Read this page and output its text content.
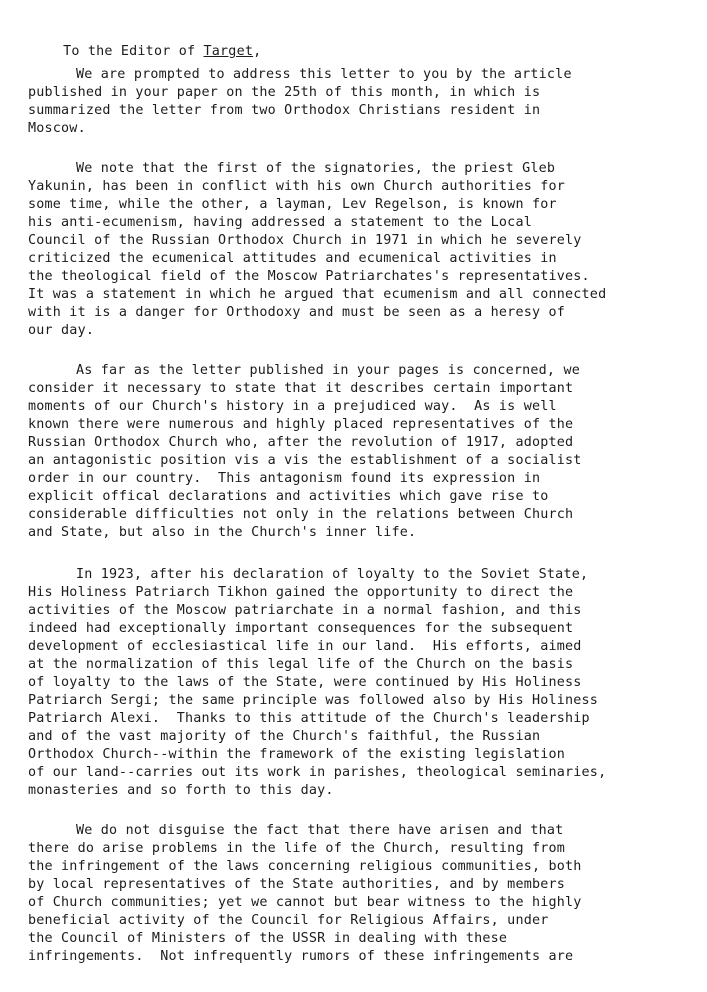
To the Editor of Target,

We are prompted to address this letter to you by the article
published in your paper on the 25th of this month, in which is
summarized the letter from two Orthodox Christians resident in
Moscow.
We note that the first of the signatories, the priest Gleb
Yakunin, has been in conflict with his own Church authorities for
some time, while the other, a layman, Lev Regelson, is known for
his anti-ecumenism, having addressed a statement to the Local
Council of the Russian Orthodox Church in 1971 in which he severely
criticized the ecumenical attitudes and ecumenical activities in
the theological field of the Moscow Patriarchates's representatives.
It was a statement in which he argued that ecumenism and all connected
with it is a danger for Orthodoxy and must be seen as a heresy of
our day.
As far as the letter published in your pages is concerned, we
consider it necessary to state that it describes certain important
moments of our Church's history in a prejudiced way.  As is well
known there were numerous and highly placed representatives of the
Russian Orthodox Church who, after the revolution of 1917, adopted
an antagonistic position vis a vis the establishment of a socialist
order in our country.  This antagonism found its expression in
explicit offical declarations and activities which gave rise to
considerable difficulties not only in the relations between Church
and State, but also in the Church's inner life.
In 1923, after his declaration of loyalty to the Soviet State,
His Holiness Patriarch Tikhon gained the opportunity to direct the
activities of the Moscow patriarchate in a normal fashion, and this
indeed had exceptionally important consequences for the subsequent
development of ecclesiastical life in our land.  His efforts, aimed
at the normalization of this legal life of the Church on the basis
of loyalty to the laws of the State, were continued by His Holiness
Patriarch Sergi; the same principle was followed also by His Holiness
Patriarch Alexi.  Thanks to this attitude of the Church's leadership
and of the vast majority of the Church's faithful, the Russian
Orthodox Church--within the framework of the existing legislation
of our land--carries out its work in parishes, theological seminaries,
monasteries and so forth to this day.
We do not disguise the fact that there have arisen and that
there do arise problems in the life of the Church, resulting from
the infringement of the laws concerning religious communities, both
by local representatives of the State authorities, and by members
of Church communities; yet we cannot but bear witness to the highly
beneficial activity of the Council for Religious Affairs, under
the Council of Ministers of the USSR in dealing with these
infringements.  Not infrequently rumors of these infringements are
